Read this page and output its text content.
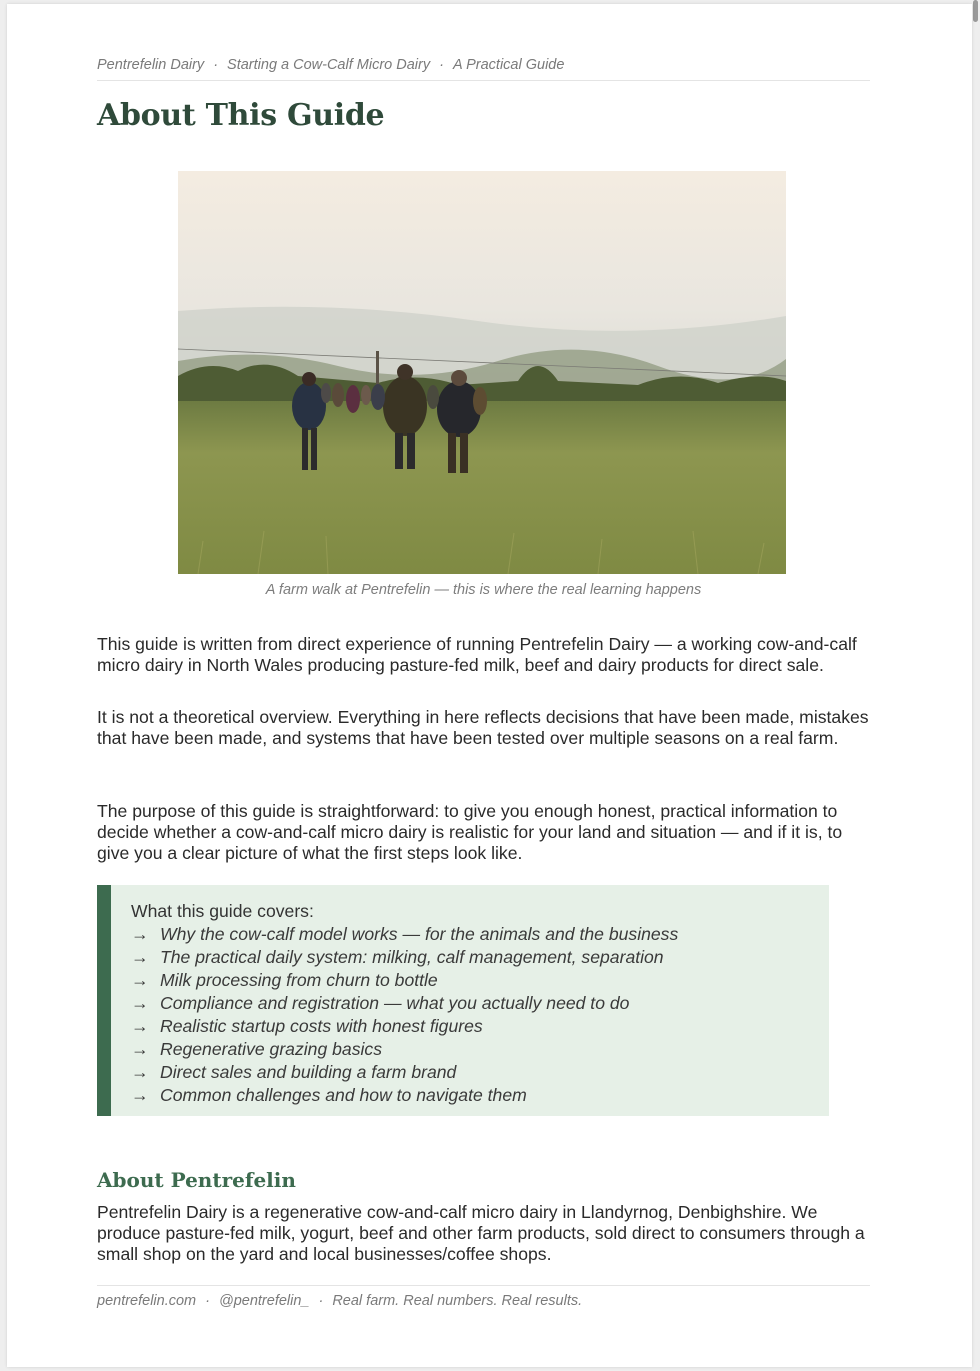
Pentrefelin Dairy · Starting a Cow-Calf Micro Dairy · A Practical Guide
About This Guide
A farm walk at Pentrefelin — this is where the real learning happens

This guide is written from direct experience of running Pentrefelin Dairy — a working cow-and-calf micro dairy in North Wales producing pasture-fed milk, beef and dairy products for direct sale.

It is not a theoretical overview. Everything in here reflects decisions that have been made, mistakes that have been made, and systems that have been tested over multiple seasons on a real farm.

The purpose of this guide is straightforward: to give you enough honest, practical information to decide whether a cow-and-calf micro dairy is realistic for your land and situation — and if it is, to give you a clear picture of what the first steps look like.

What this guide covers:
→ Why the cow-calf model works — for the animals and the business
→ The practical daily system: milking, calf management, separation
→ Milk processing from churn to bottle
→ Compliance and registration — what you actually need to do
→ Realistic startup costs with honest figures
→ Regenerative grazing basics
→ Direct sales and building a farm brand
→ Common challenges and how to navigate them
About Pentrefelin

Pentrefelin Dairy is a regenerative cow-and-calf micro dairy in Llandyrnog, Denbighshire. We produce pasture-fed milk, yogurt, beef and other farm products, sold direct to consumers through a small shop on the yard and local businesses/coffee shops.

pentrefelin.com · @pentrefelin_ · Real farm. Real numbers. Real results.
